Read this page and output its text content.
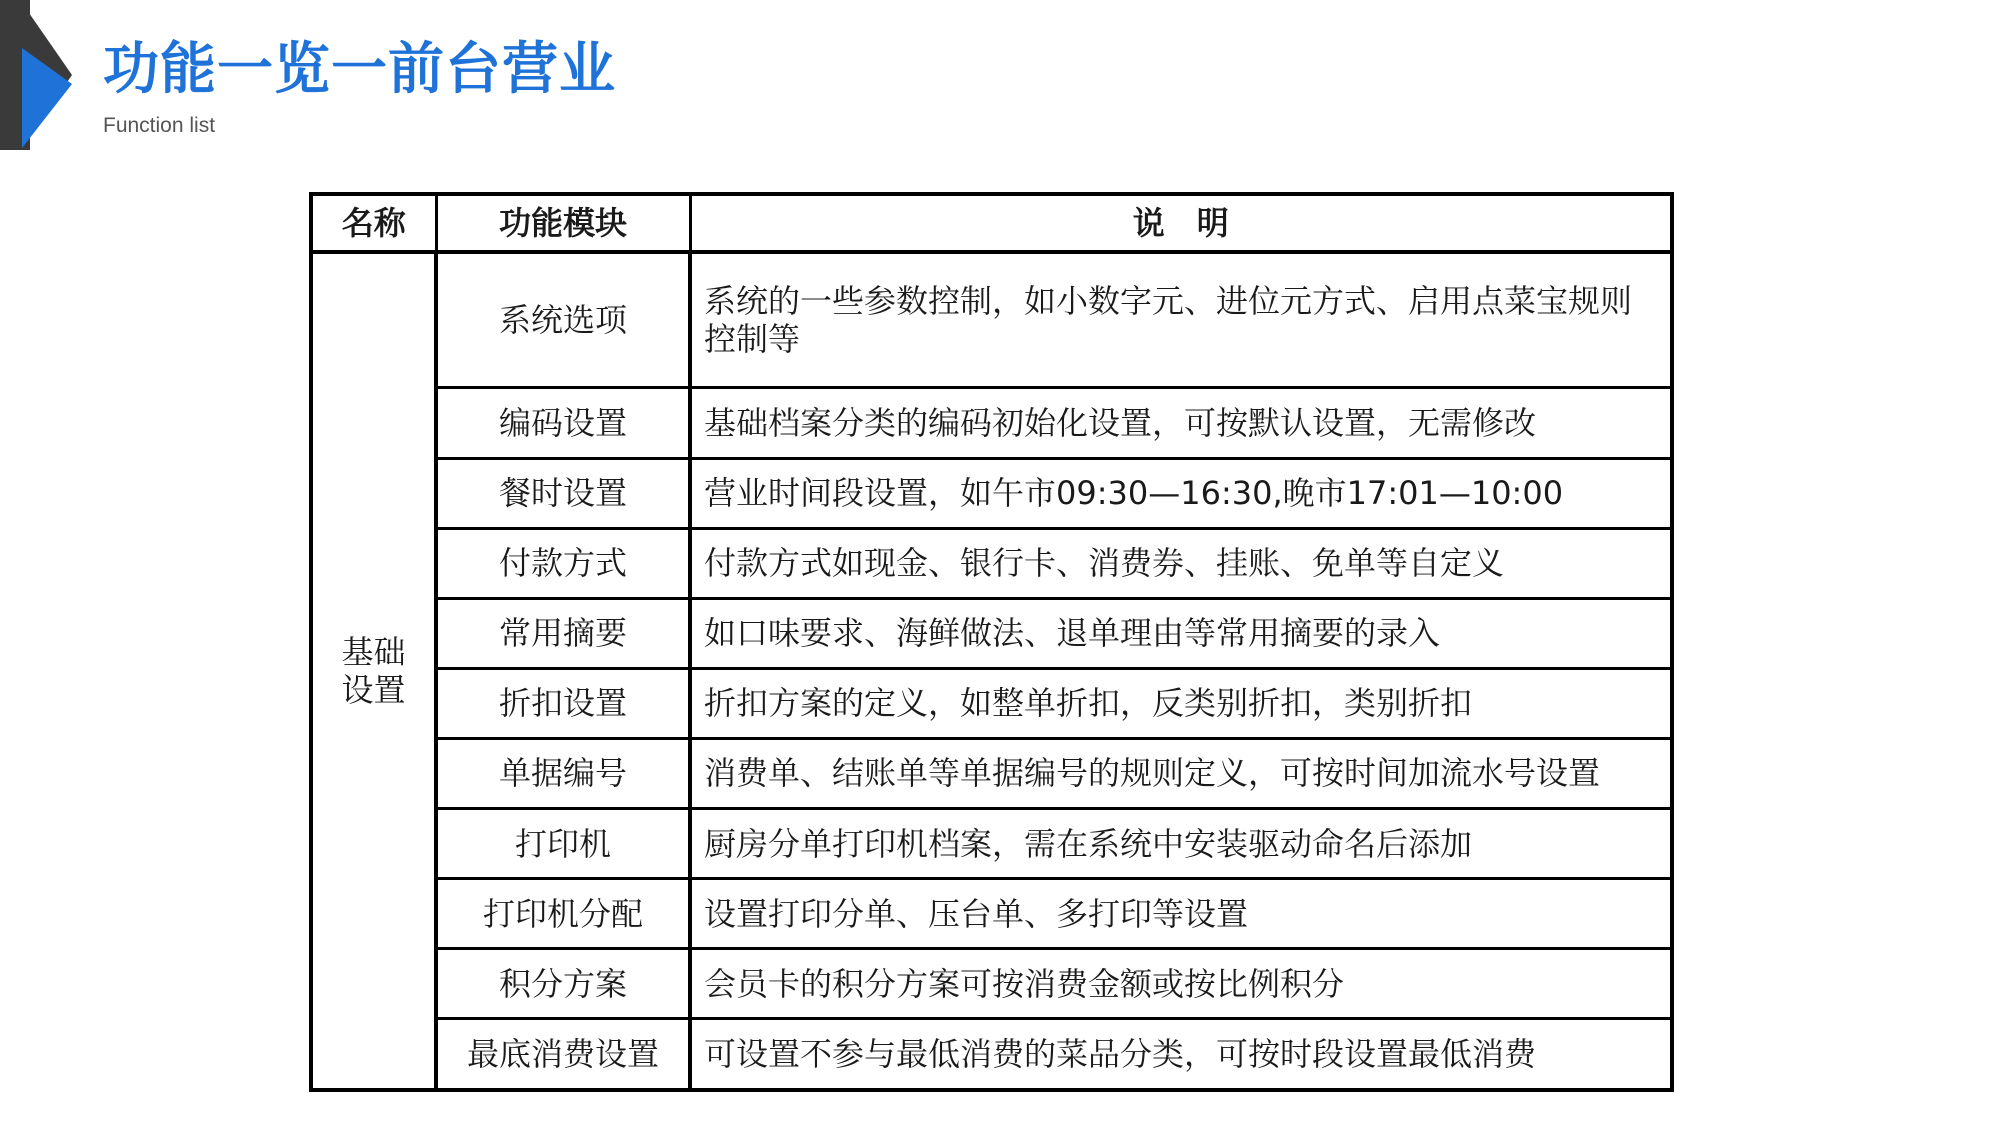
功能一览一前台营业
Function list
名称	功能模块	说　明
基础设置	系统选项	系统的一些参数控制，如小数字元、进位元方式、启用点菜宝规则控制等
	编码设置	基础档案分类的编码初始化设置，可按默认设置，无需修改
	餐时设置	营业时间段设置，如午市09:30—16:30,晚市17:01—10:00
	付款方式	付款方式如现金、银行卡、消费券、挂账、免单等自定义
	常用摘要	如口味要求、海鲜做法、退单理由等常用摘要的录入
	折扣设置	折扣方案的定义，如整单折扣，反类别折扣，类别折扣
	单据编号	消费单、结账单等单据编号的规则定义，可按时间加流水号设置
	打印机	厨房分单打印机档案，需在系统中安装驱动命名后添加
	打印机分配	设置打印分单、压台单、多打印等设置
	积分方案	会员卡的积分方案可按消费金额或按比例积分
	最底消费设置	可设置不参与最低消费的菜品分类，可按时段设置最低消费
